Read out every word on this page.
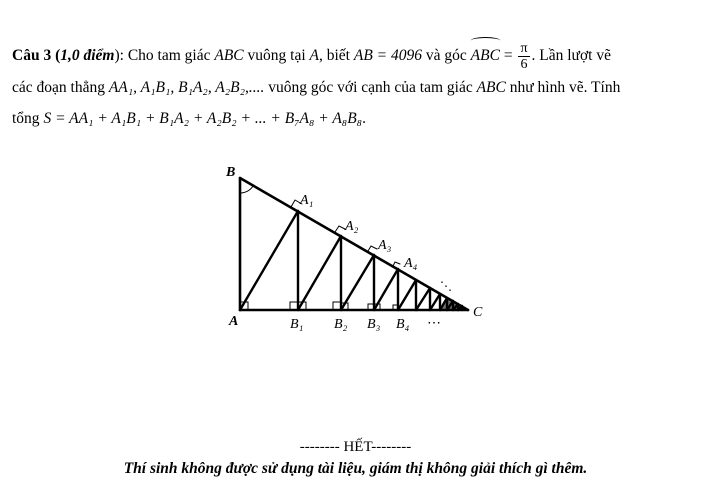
Câu 3 (1,0 điểm): Cho tam giác ABC vuông tại A, biết AB = 4096 và góc ABC = $\frac{\pi}{6}$ . Lần lượt vẽ

các đoạn thẳng AA₁, A₁B₁, B₁A₂, A₂B₂,.... vuông góc với cạnh của tam giác ABC như hình vẽ. Tính

tổng S = AA₁ + A₁B₁ + B₁A₂ + A₂B₂ + ... + B₇A₈ + A₈B₈.

B
A
C
A₁
A₂
A₃
A₄
B₁ B₂ B₃ B₄ ⋯
⋱
-------- HẾT--------
Thí sinh không được sử dụng tài liệu, giám thị không giải thích gì thêm.
